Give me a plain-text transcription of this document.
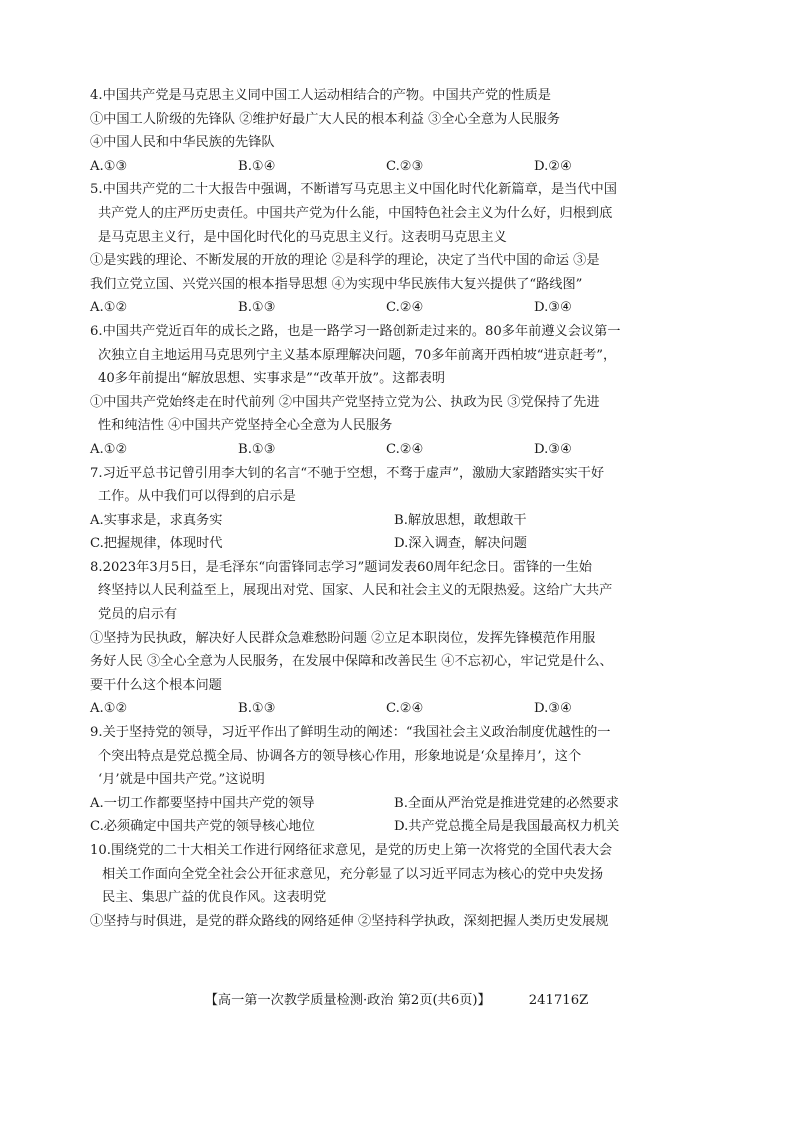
4.中国共产党是马克思主义同中国工人运动相结合的产物。中国共产党的性质是
①中国工人阶级的先锋队 ②维护好最广大人民的根本利益 ③全心全意为人民服务
④中国人民和中华民族的先锋队
A.①③	B.①④	C.②③	D.②④
5.中国共产党的二十大报告中强调，不断谱写马克思主义中国化时代化新篇章，是当代中国
共产党人的庄严历史责任。中国共产党为什么能，中国特色社会主义为什么好，归根到底
是马克思主义行，是中国化时代化的马克思主义行。这表明马克思主义
①是实践的理论、不断发展的开放的理论 ②是科学的理论，决定了当代中国的命运 ③是
我们立党立国、兴党兴国的根本指导思想 ④为实现中华民族伟大复兴提供了“路线图”
A.①②	B.①③	C.②④	D.③④
6.中国共产党近百年的成长之路，也是一路学习一路创新走过来的。80多年前遵义会议第一
次独立自主地运用马克思列宁主义基本原理解决问题，70多年前离开西柏坡“进京赶考”，
40多年前提出“解放思想、实事求是”“改革开放”。这都表明
①中国共产党始终走在时代前列 ②中国共产党坚持立党为公、执政为民 ③党保持了先进
性和纯洁性 ④中国共产党坚持全心全意为人民服务
A.①②	B.①③	C.②④	D.③④
7.习近平总书记曾引用李大钊的名言“不驰于空想，不骛于虚声”，激励大家踏踏实实干好
工作。从中我们可以得到的启示是
A.实事求是，求真务实	B.解放思想，敢想敢干
C.把握规律，体现时代	D.深入调查，解决问题
8.2023年3月5日，是毛泽东“向雷锋同志学习”题词发表60周年纪念日。雷锋的一生始
终坚持以人民利益至上，展现出对党、国家、人民和社会主义的无限热爱。这给广大共产
党员的启示有
①坚持为民执政，解决好人民群众急难愁盼问题 ②立足本职岗位，发挥先锋模范作用服
务好人民 ③全心全意为人民服务，在发展中保障和改善民生 ④不忘初心，牢记党是什么、
要干什么这个根本问题
A.①②	B.①③	C.②④	D.③④
9.关于坚持党的领导，习近平作出了鲜明生动的阐述：“我国社会主义政治制度优越性的一
个突出特点是党总揽全局、协调各方的领导核心作用，形象地说是‘众星捧月’，这个
‘月’就是中国共产党。”这说明
A.一切工作都要坚持中国共产党的领导	B.全面从严治党是推进党建的必然要求
C.必须确定中国共产党的领导核心地位	D.共产党总揽全局是我国最高权力机关
10.围绕党的二十大相关工作进行网络征求意见，是党的历史上第一次将党的全国代表大会
相关工作面向全党全社会公开征求意见，充分彰显了以习近平同志为核心的党中央发扬
民主、集思广益的优良作风。这表明党
①坚持与时俱进，是党的群众路线的网络延伸 ②坚持科学执政，深刻把握人类历史发展规
【高一第一次教学质量检测·政治 第2页(共6页)】	241716Z
